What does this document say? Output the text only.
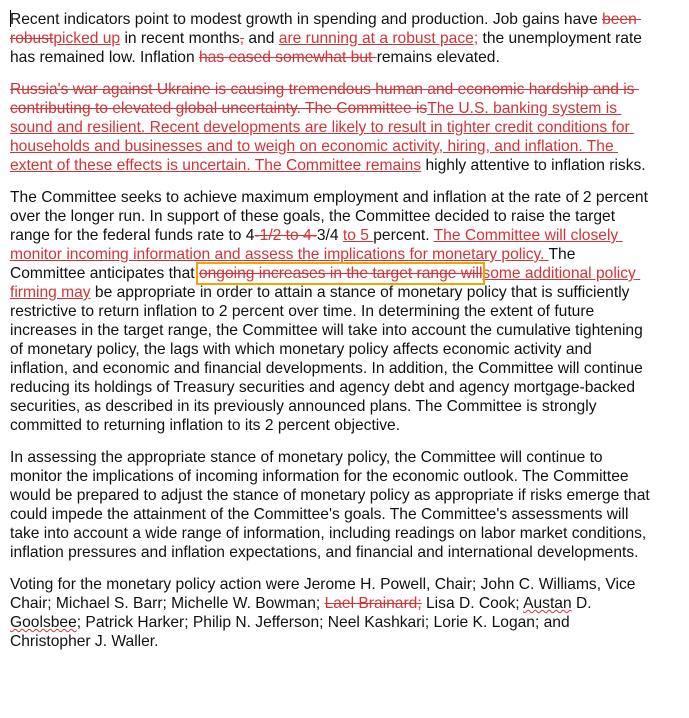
Recent indicators point to modest growth in spending and production. Job gains have been robustpicked up in recent months, and are running at a robust pace; the unemployment rate has remained low. Inflation has eased somewhat but remains elevated.

Russia's war against Ukraine is causing tremendous human and economic hardship and is contributing to elevated global uncertainty. The Committee isThe U.S. banking system is sound and resilient. Recent developments are likely to result in tighter credit conditions for households and businesses and to weigh on economic activity, hiring, and inflation. The extent of these effects is uncertain. The Committee remains highly attentive to inflation risks.

The Committee seeks to achieve maximum employment and inflation at the rate of 2 percent over the longer run. In support of these goals, the Committee decided to raise the target range for the federal funds rate to 4-1/2 to 4-3/4 to 5 percent. The Committee will closely monitor incoming information and assess the implications for monetary policy. The Committee anticipates that ongoing increases in the target range willsome additional policy firming may be appropriate in order to attain a stance of monetary policy that is sufficiently restrictive to return inflation to 2 percent over time. In determining the extent of future increases in the target range, the Committee will take into account the cumulative tightening of monetary policy, the lags with which monetary policy affects economic activity and inflation, and economic and financial developments. In addition, the Committee will continue reducing its holdings of Treasury securities and agency debt and agency mortgage-backed securities, as described in its previously announced plans. The Committee is strongly committed to returning inflation to its 2 percent objective.

In assessing the appropriate stance of monetary policy, the Committee will continue to monitor the implications of incoming information for the economic outlook. The Committee would be prepared to adjust the stance of monetary policy as appropriate if risks emerge that could impede the attainment of the Committee's goals. The Committee's assessments will take into account a wide range of information, including readings on labor market conditions, inflation pressures and inflation expectations, and financial and international developments.

Voting for the monetary policy action were Jerome H. Powell, Chair; John C. Williams, Vice Chair; Michael S. Barr; Michelle W. Bowman; Lael Brainard; Lisa D. Cook; Austan D. Goolsbee; Patrick Harker; Philip N. Jefferson; Neel Kashkari; Lorie K. Logan; and Christopher J. Waller.
